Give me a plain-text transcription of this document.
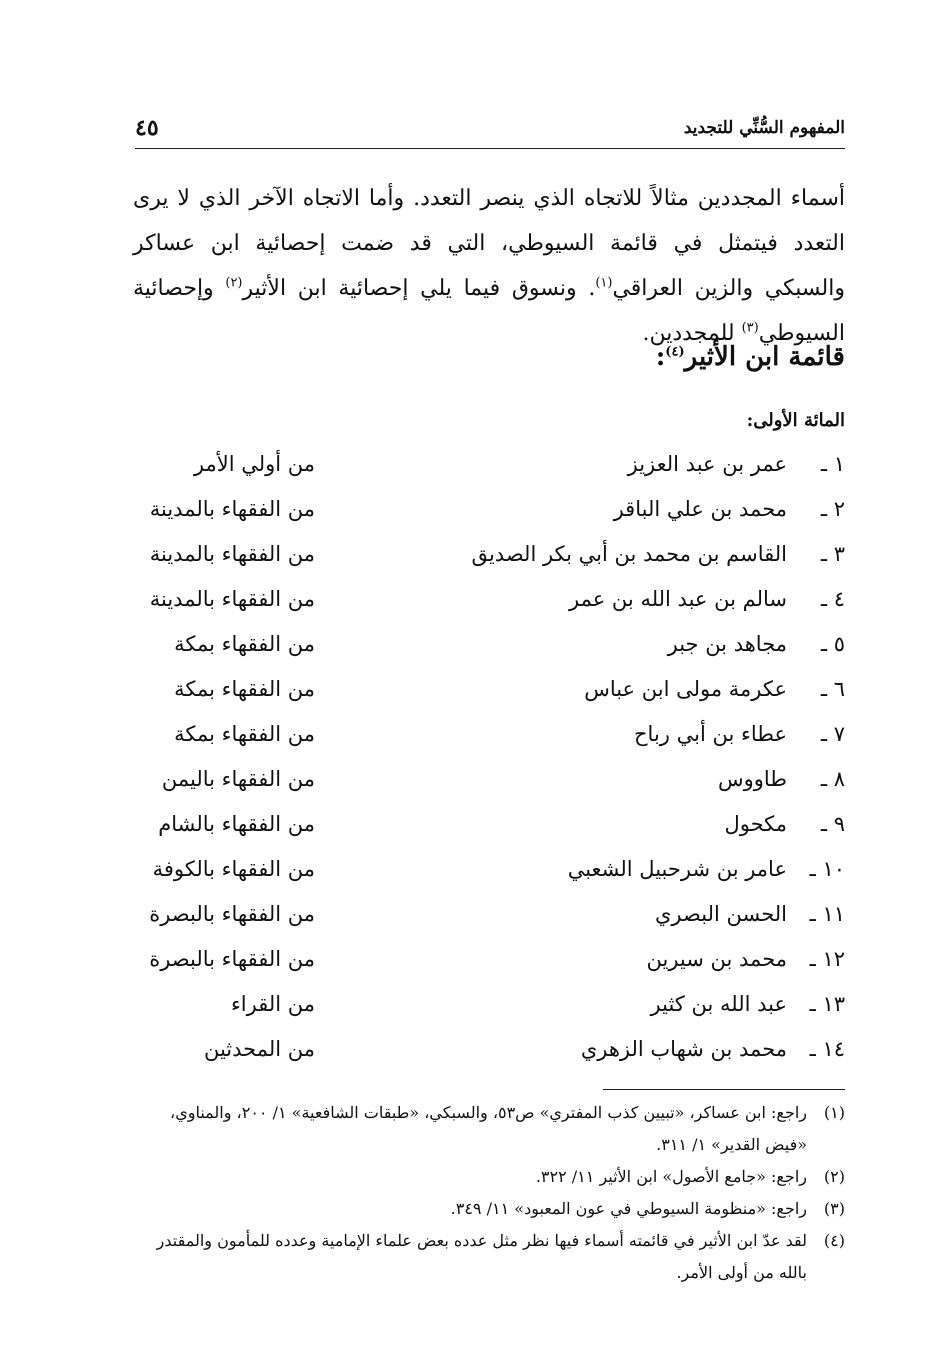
المفهوم السُّنِّي للتجديد
٤٥

أسماء المجددين مثالاً للاتجاه الذي ينصر التعدد. وأما الاتجاه الآخر الذي لا يرى التعدد فيتمثل في قائمة السيوطي، التي قد ضمت إحصائية ابن عساكر والسبكي والزين العراقي$^{(١)}$. ونسوق فيما يلي إحصائية ابن الأثير$^{(٢)}$ وإحصائية السيوطي$^{(٣)}$ للمجددين.

قائمة ابن الأثير$^{(٤)}$:
المائة الأولى:
١ ـ
عمر بن عبد العزيز
من أولي الأمر
٢ ـ
محمد بن علي الباقر
من الفقهاء بالمدينة
٣ ـ
القاسم بن محمد بن أبي بكر الصديق
من الفقهاء بالمدينة
٤ ـ
سالم بن عبد الله بن عمر
من الفقهاء بالمدينة
٥ ـ
مجاهد بن جبر
من الفقهاء بمكة
٦ ـ
عكرمة مولى ابن عباس
من الفقهاء بمكة
٧ ـ
عطاء بن أبي رباح
من الفقهاء بمكة
٨ ـ
طاووس
من الفقهاء باليمن
٩ ـ
مكحول
من الفقهاء بالشام
١٠ ـ
عامر بن شرحبيل الشعبي
من الفقهاء بالكوفة
١١ ـ
الحسن البصري
من الفقهاء بالبصرة
١٢ ـ
محمد بن سيرين
من الفقهاء بالبصرة
١٣ ـ
عبد الله بن كثير
من القراء
١٤ ـ
محمد بن شهاب الزهري
من المحدثين
(١)
راجع: ابن عساكر، «تبيين كذب المفتري» ص٥٣، والسبكي، «طبقات الشافعية» ١/ ٢٠٠، والمناوي، «فيض القدير» ١/ ٣١١.
(٢)
راجع: «جامع الأصول» ابن الأثير ١١/ ٣٢٢.
(٣)
راجع: «منظومة السيوطي في عون المعبود» ١١/ ٣٤٩.
(٤)
لقد عدّ ابن الأثير في قائمته أسماء فيها نظر مثل عدده بعض علماء الإمامية وعدده للمأمون والمقتدر بالله من أولى الأمر.
